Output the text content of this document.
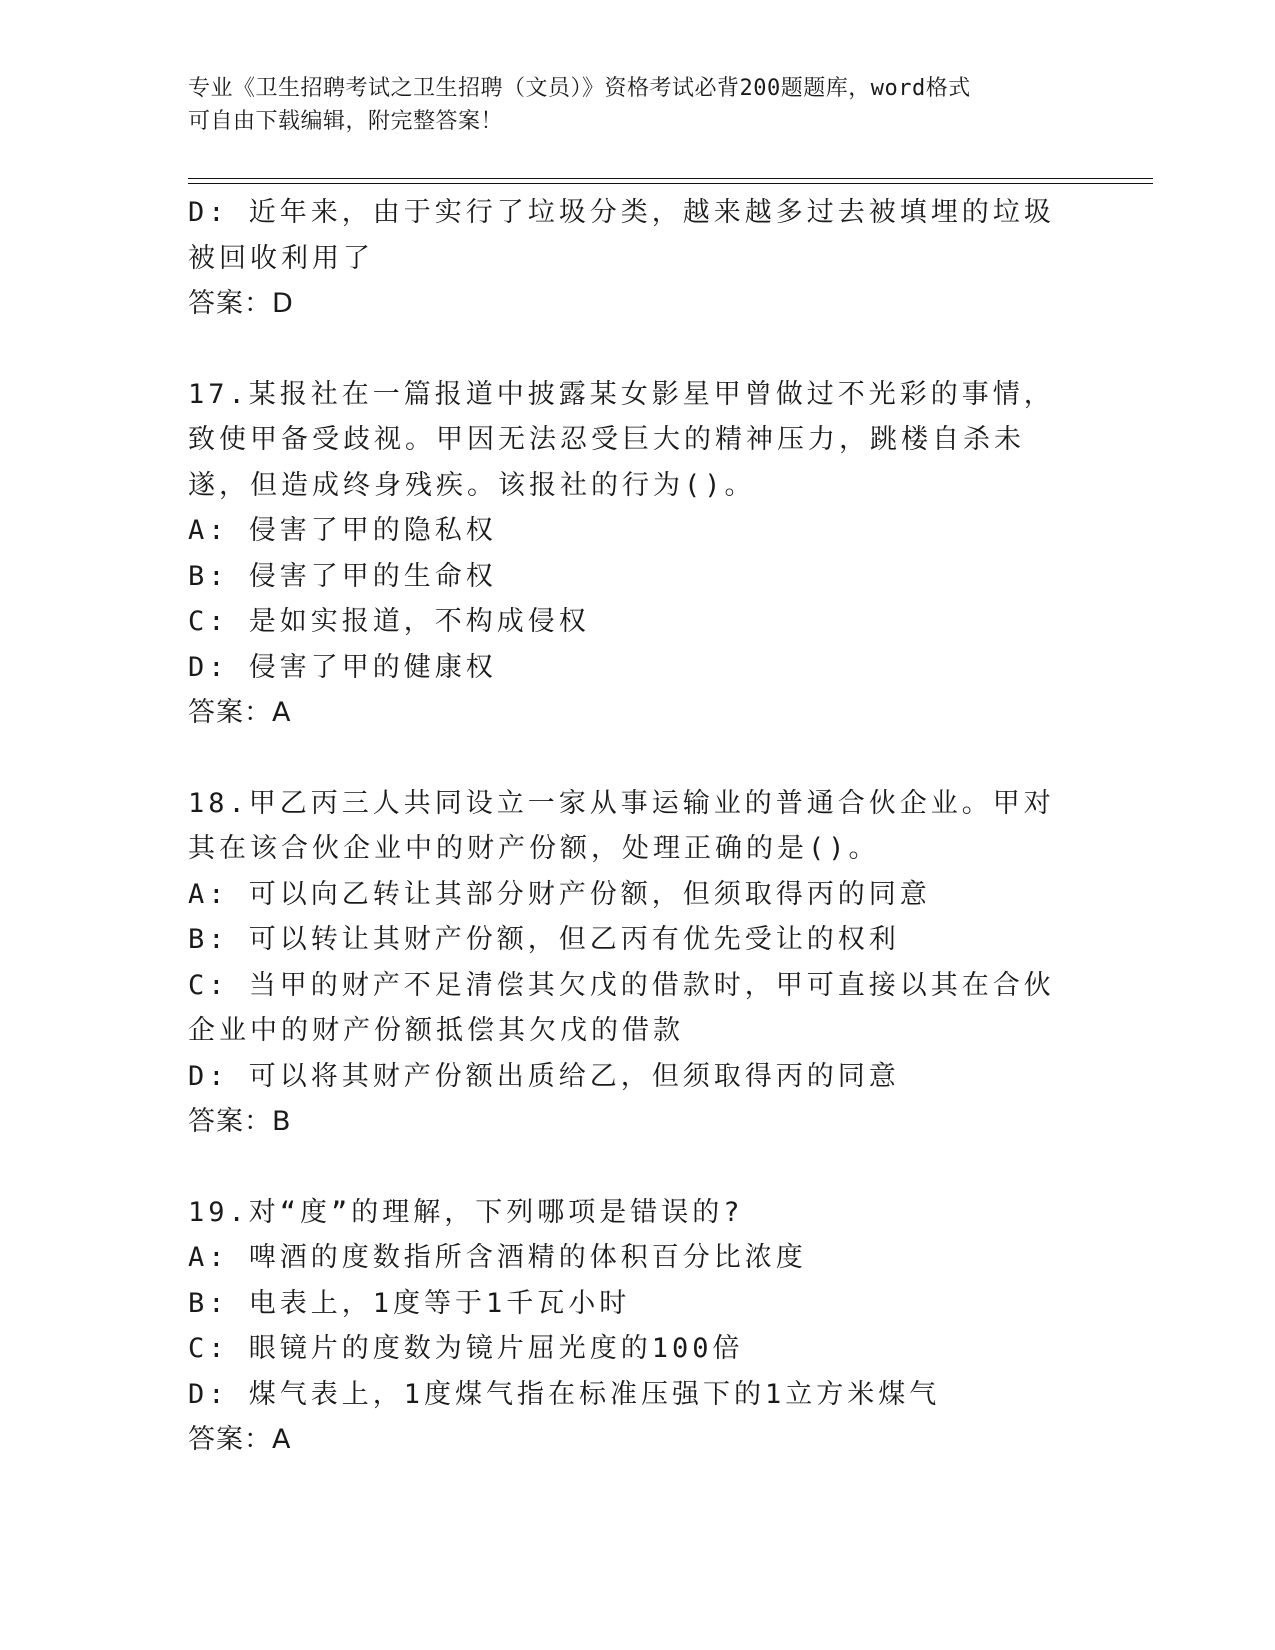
专业《卫生招聘考试之卫生招聘（文员）》资格考试必背200题题库，word格式
可自由下载编辑，附完整答案！

D: 近年来，由于实行了垃圾分类，越来越多过去被填埋的垃圾被回收利用了

答案：D

17.某报社在一篇报道中披露某女影星甲曾做过不光彩的事情，致使甲备受歧视。甲因无法忍受巨大的精神压力，跳楼自杀未遂，但造成终身残疾。该报社的行为()。

A: 侵害了甲的隐私权

B: 侵害了甲的生命权

C: 是如实报道，不构成侵权

D: 侵害了甲的健康权

答案：A

18.甲乙丙三人共同设立一家从事运输业的普通合伙企业。甲对其在该合伙企业中的财产份额，处理正确的是()。

A: 可以向乙转让其部分财产份额，但须取得丙的同意

B: 可以转让其财产份额，但乙丙有优先受让的权利

C: 当甲的财产不足清偿其欠戊的借款时，甲可直接以其在合伙企业中的财产份额抵偿其欠戊的借款

D: 可以将其财产份额出质给乙，但须取得丙的同意

答案：B

19.对“度”的理解，下列哪项是错误的?

A: 啤酒的度数指所含酒精的体积百分比浓度

B: 电表上，1度等于1千瓦小时

C: 眼镜片的度数为镜片屈光度的100倍

D: 煤气表上，1度煤气指在标准压强下的1立方米煤气

答案：A
